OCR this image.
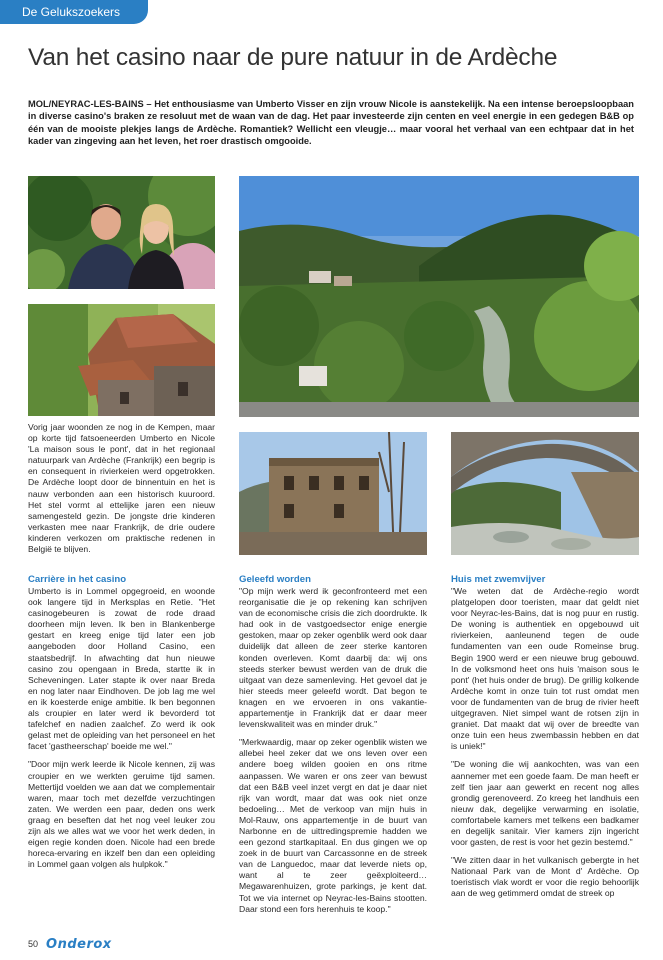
De Gelukszoekers
Van het casino naar de pure natuur in de Ardèche

MOL/NEYRAC-LES-BAINS – Het enthousiasme van Umberto Visser en zijn vrouw Nicole is aanstekelijk. Na een intense beroepsloopbaan in diverse casino's braken ze resoluut met de waan van de dag. Het paar investeerde zijn centen en veel energie in een gedegen B&B op één van de mooiste plekjes langs de Ardèche. Romantiek? Wellicht een vleugje… maar vooral het verhaal van een echtpaar dat in het kader van zingeving aan het leven, het roer drastisch omgooide.

Vorig jaar woonden ze nog in de Kempen, maar op korte tijd fatsoeneerden Umberto en Nicole 'La maison sous le pont', dat in het regionaal natuurpark van Ardèche (Frankrijk) een begrip is en consequent in rivierkeien werd opgetrokken. De Ardèche loopt door de binnentuin en het is nauw verbonden aan een historisch kuuroord. Het stel vormt al ettelijke jaren een nieuw samengesteld gezin. De jongste drie kinderen verkasten mee naar Frankrijk, de drie oudere kinderen verkozen om praktische redenen in België te blijven.

Carrière in het casino

Umberto is in Lommel opgegroeid, en woonde ook langere tijd in Merksplas en Retie. "Het casinogebeuren is zowat de rode draad doorheen mijn leven. Ik ben in Blankenberge gestart en kreeg enige tijd later een job aangeboden door Holland Casino, een staatsbedrijf. In afwachting dat hun nieuwe casino zou opengaan in Breda, startte ik in Scheveningen. Later stapte ik over naar Breda en nog later naar Eindhoven. De job lag me wel en ik koesterde enige ambitie. Ik ben begonnen als croupier en later werd ik bevorderd tot tafelchef en nadien zaalchef. Zo werd ik ook gelast met de opleiding van het personeel en het facet 'gastheerschap' boeide me wel."

"Door mijn werk leerde ik Nicole kennen, zij was croupier en we werkten geruime tijd samen. Mettertijd voelden we aan dat we complementair waren, maar toch met dezelfde verzuchtingen zaten. We werden een paar, deden ons werk graag en beseften dat het nog veel leuker zou zijn als we alles wat we voor het werk deden, in eigen regie konden doen. Nicole had een brede horeca-ervaring en ikzelf ben dan een opleiding in Lommel gaan volgen als hulpkok."

Geleefd worden

"Op mijn werk werd ik geconfronteerd met een reorganisatie die je op rekening kan schrijven van de economische crisis die zich doordrukte. Ik had ook in de vastgoedsector enige energie gestoken, maar op zeker ogenblik werd ook daar duidelijk dat alleen de zeer sterke kantoren konden overleven. Komt daarbij da: wij ons steeds sterker bewust werden van de druk die uitgaat van deze samenleving. Het gevoel dat je hier steeds meer geleefd wordt. Dat begon te knagen en we ervoeren in ons vakantie-appartementje in Frankrijk dat er daar meer levenskwaliteit was en minder druk."

"Merkwaardig, maar op zeker ogenblik wisten we allebei heel zeker dat we ons leven over een andere boeg wilden gooien en ons ritme aanpassen. We waren er ons zeer van bewust dat een B&B veel inzet vergt en dat je daar niet rijk van wordt, maar dat was ook niet onze bedoeling… Met de verkoop van mijn huis in Mol-Rauw, ons appartementje in de buurt van Narbonne en de uittredingspremie hadden we een gezond startkapitaal. En dus gingen we op zoek in de buurt van Carcassonne en de streek van de Languedoc, maar dat leverde niets op, want al te zeer geëxploiteerd… Megawarenhuizen, grote parkings, je kent dat. Tot we via internet op Neyrac-les-Bains stootten. Daar stond een fors herenhuis te koop."

Huis met zwemvijver

"We weten dat de Ardèche-regio wordt platgelopen door toeristen, maar dat geldt niet voor Neyrac-les-Bains, dat is nog puur en rustig. De woning is authentiek en opgebouwd uit rivierkeien, aanleunend tegen de oude fundamenten van een oude Romeinse brug. Begin 1900 werd er een nieuwe brug gebouwd. In de volksmond heet ons huis 'maison sous le pont' (het huis onder de brug). De grillig kolkende Ardèche komt in onze tuin tot rust omdat men voor de fundamenten van de brug de rivier heeft uitgegraven. Niet simpel want de rotsen zijn in graniet. Dat maakt dat wij over de breedte van onze tuin een heus zwembassin hebben en dat is uniek!"

"De woning die wij aankochten, was van een aannemer met een goede faam. De man heeft er zelf tien jaar aan gewerkt en recent nog alles grondig gerenoveerd. Zo kreeg het landhuis een nieuw dak, degelijke verwarming en isolatie, comfortabele kamers met telkens een badkamer en degelijk sanitair. Vier kamers zijn ingericht voor gasten, de rest is voor het gezin bestemd."

"We zitten daar in het vulkanisch gebergte in het Nationaal Park van de Mont d' Ardèche. Op toeristisch vlak wordt er voor die regio behoorlijk aan de weg getimmerd omdat de streek op

50 Onderox
